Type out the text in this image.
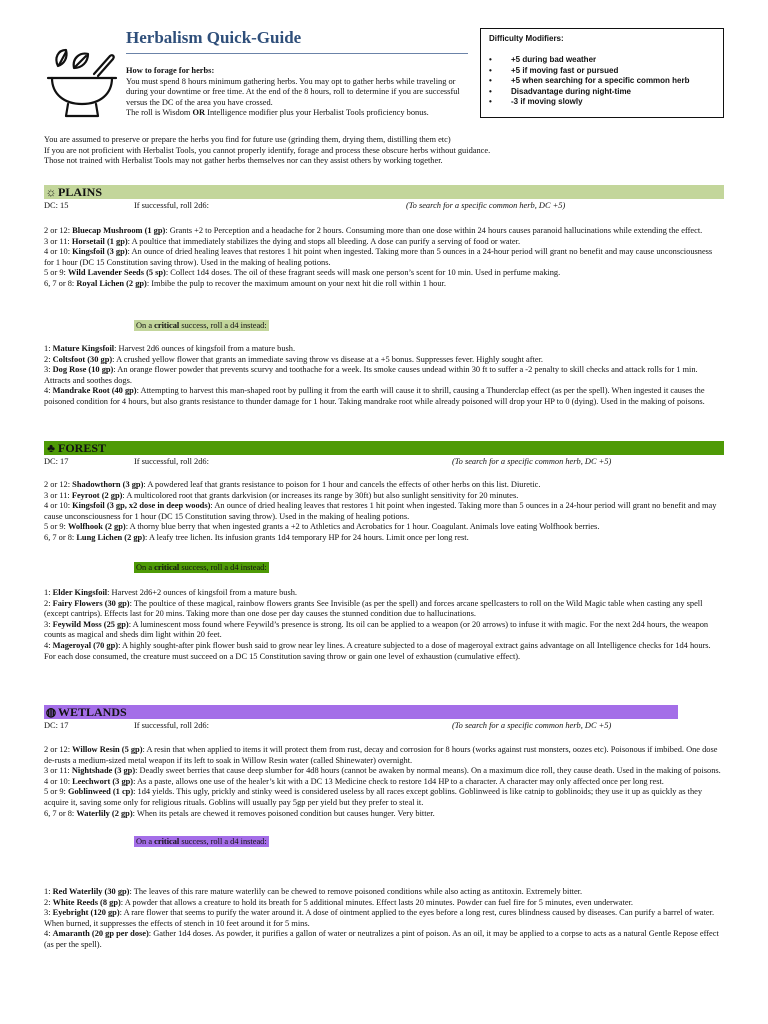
Herbalism Quick-Guide
How to forage for herbs:
You must spend 8 hours minimum gathering herbs. You may opt to gather herbs while traveling or during your downtime or free time. At the end of the 8 hours, roll to determine if you are successful versus the DC of the area you have crossed.
The roll is Wisdom OR Intelligence modifier plus your Herbalist Tools proficiency bonus.
Difficulty Modifiers:
• +5 during bad weather
• +5 if moving fast or pursued
• +5 when searching for a specific common herb
• Disadvantage during night-time
• -3 if moving slowly
You are assumed to preserve or prepare the herbs you find for future use (grinding them, drying them, distilling them etc)
If you are not proficient with Herbalist Tools, you cannot properly identify, forage and process these obscure herbs without guidance.
Those not trained with Herbalist Tools may not gather herbs themselves nor can they assist others by working together.
☼ PLAINS
DC: 15	If successful, roll 2d6:	(To search for a specific common herb, DC +5)

2 or 12: Bluecap Mushroom (1 gp): Grants +2 to Perception and a headache for 2 hours. Consuming more than one dose within 24 hours causes paranoid hallucinations while extending the effect.

3 or 11: Horsetail (1 gp): A poultice that immediately stabilizes the dying and stops all bleeding. A dose can purify a serving of food or water.

4 or 10: Kingsfoil (3 gp): An ounce of dried healing leaves that restores 1 hit point when ingested. Taking more than 5 ounces in a 24-hour period will grant no benefit and may cause unconsciousness for 1 hour (DC 15 Constitution saving throw). Used in the making of healing potions.

5 or 9: Wild Lavender Seeds (5 sp): Collect 1d4 doses. The oil of these fragrant seeds will mask one person’s scent for 10 min. Used in perfume making.

6, 7 or 8: Royal Lichen (2 gp): Imbibe the pulp to recover the maximum amount on your next hit die roll within 1 hour.

On a critical success, roll a d4 instead:

1: Mature Kingsfoil: Harvest 2d6 ounces of kingsfoil from a mature bush.

2: Coltsfoot (30 gp): A crushed yellow flower that grants an immediate saving throw vs disease at a +5 bonus. Suppresses fever. Highly sought after.

3: Dog Rose (10 gp): An orange flower powder that prevents scurvy and toothache for a week. Its smoke causes undead within 30 ft to suffer a -2 penalty to skill checks and attack rolls for 1 min. Attracts and soothes dogs.

4: Mandrake Root (40 gp): Attempting to harvest this man-shaped root by pulling it from the earth will cause it to shrill, causing a Thunderclap effect (as per the spell). When ingested it causes the poisoned condition for 4 hours, but also grants resistance to thunder damage for 1 hour. Taking mandrake root while already poisoned will drop your HP to 0 (dying). Used in the making of poisons.

♣ FOREST
DC: 17	If successful, roll 2d6:	(To search for a specific common herb, DC +5)

2 or 12: Shadowthorn (3 gp): A powdered leaf that grants resistance to poison for 1 hour and cancels the effects of other herbs on this list. Diuretic.

3 or 11: Feyroot (2 gp): A multicolored root that grants darkvision (or increases its range by 30ft) but also sunlight sensitivity for 20 minutes.

4 or 10: Kingsfoil (3 gp, x2 dose in deep woods): An ounce of dried healing leaves that restores 1 hit point when ingested. Taking more than 5 ounces in a 24-hour period will grant no benefit and may cause unconsciousness for 1 hour (DC 15 Constitution saving throw). Used in the making of healing potions.

5 or 9: Wolfhook (2 gp): A thorny blue berry that when ingested grants a +2 to Athletics and Acrobatics for 1 hour. Coagulant. Animals love eating Wolfhook berries.

6, 7 or 8: Lung Lichen (2 gp): A leafy tree lichen. Its infusion grants 1d4 temporary HP for 24 hours. Limit once per long rest.

On a critical success, roll a d4 instead:

1: Elder Kingsfoil: Harvest 2d6+2 ounces of kingsfoil from a mature bush.

2: Fairy Flowers (30 gp): The poultice of these magical, rainbow flowers grants See Invisible (as per the spell) and forces arcane spellcasters to roll on the Wild Magic table when casting any spell (except cantrips). Effects last for 20 mins. Taking more than one dose per day causes the stunned condition due to hallucinations.

3: Feywild Moss (25 gp): A luminescent moss found where Feywild’s presence is strong. Its oil can be applied to a weapon (or 20 arrows) to infuse it with magic. For the next 2d4 hours, the weapon counts as magical and sheds dim light within 20 feet.

4: Mageroyal (70 gp): A highly sought-after pink flower bush said to grow near ley lines. A creature subjected to a dose of mageroyal extract gains advantage on all Intelligence checks for 1d4 hours. For each dose consumed, the creature must succeed on a DC 15 Constitution saving throw or gain one level of exhaustion (cumulative effect).

◍ WETLANDS
DC: 17	If successful, roll 2d6:	(To search for a specific common herb, DC +5)

2 or 12: Willow Resin (5 gp): A resin that when applied to items it will protect them from rust, decay and corrosion for 8 hours (works against rust monsters, oozes etc). Poisonous if imbibed. One dose de-rusts a medium-sized metal weapon if its left to soak in Willow Resin water (called Shinewater) overnight.

3 or 11: Nightshade (3 gp): Deadly sweet berries that cause deep slumber for 4d8 hours (cannot be awaken by normal means). On a maximum dice roll, they cause death. Used in the making of poisons.

4 or 10: Leechwort (3 gp): As a paste, allows one use of the healer’s kit with a DC 13 Medicine check to restore 1d4 HP to a character. A character may only affected once per long rest.

5 or 9: Goblinweed (1 cp): 1d4 yields. This ugly, prickly and stinky weed is considered useless by all races except goblins. Goblinweed is like catnip to goblinoids; they use it up as quickly as they acquire it, saving some only for religious rituals. Goblins will usually pay 5gp per yield but they prefer to steal it.

6, 7 or 8: Waterlily (2 gp): When its petals are chewed it removes poisoned condition but causes hunger. Very bitter.

On a critical success, roll a d4 instead:

1: Red Waterlily (30 gp): The leaves of this rare mature waterlily can be chewed to remove poisoned conditions while also acting as antitoxin. Extremely bitter.

2: White Reeds (8 gp): A powder that allows a creature to hold its breath for 5 additional minutes. Effect lasts 20 minutes. Powder can fuel fire for 5 minutes, even underwater.

3: Eyebright (120 gp): A rare flower that seems to purify the water around it. A dose of ointment applied to the eyes before a long rest, cures blindness caused by diseases. Can purify a barrel of water. When burned, it suppresses the effects of stench in 10 feet around it for 5 mins.

4: Amaranth (20 gp per dose): Gather 1d4 doses. As powder, it purifies a gallon of water or neutralizes a pint of poison. As an oil, it may be applied to a corpse to acts as a natural Gentle Repose effect (as per the spell).
